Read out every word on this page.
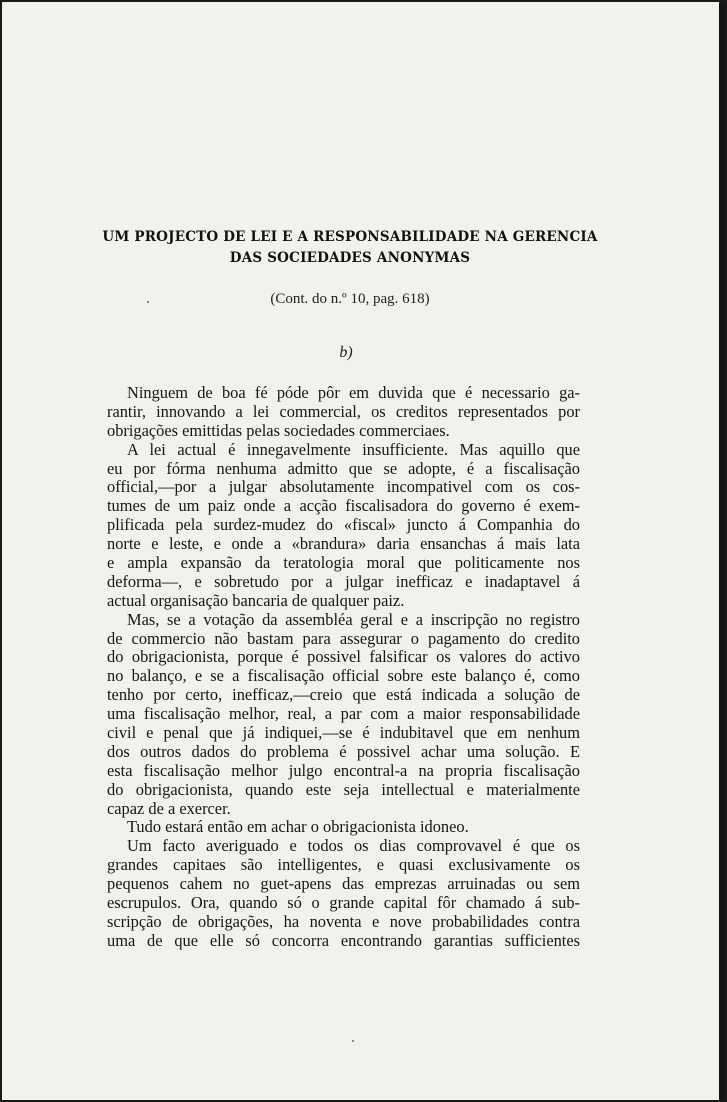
UM PROJECTO DE LEI E A RESPONSABILIDADE NA GERENCIA
DAS SOCIEDADES ANONYMAS
(Cont. do n.º 10, pag. 618)
b)
Ninguem de boa fé póde pôr em duvida que é necessario ga-
rantir, innovando a lei commercial, os creditos representados por
obrigações emittidas pelas sociedades commerciaes.
A lei actual é innegavelmente insufficiente. Mas aquillo que
eu por fórma nenhuma admitto que se adopte, é a fiscalisação
official,—por a julgar absolutamente incompativel com os cos-
tumes de um paiz onde a acção fiscalisadora do governo é exem-
plificada pela surdez-mudez do «fiscal» juncto á Companhia do
norte e leste, e onde a «brandura» daria ensanchas á mais lata
e ampla expansão da teratologia moral que politicamente nos
deforma—, e sobretudo por a julgar inefficaz e inadaptavel á
actual organisação bancaria de qualquer paiz.
Mas, se a votação da assembléa geral e a inscripção no registro
de commercio não bastam para assegurar o pagamento do credito
do obrigacionista, porque é possivel falsificar os valores do activo
no balanço, e se a fiscalisação official sobre este balanço é, como
tenho por certo, inefficaz,—creio que está indicada a solução de
uma fiscalisação melhor, real, a par com a maior responsabilidade
civil e penal que já indiquei,—se é indubitavel que em nenhum
dos outros dados do problema é possivel achar uma solução. E
esta fiscalisação melhor julgo encontral-a na propria fiscalisação
do obrigacionista, quando este seja intellectual e materialmente
capaz de a exercer.
Tudo estará então em achar o obrigacionista idoneo.
Um facto averiguado e todos os dias comprovavel é que os
grandes capitaes são intelligentes, e quasi exclusivamente os
pequenos cahem no guet-apens das emprezas arruinadas ou sem
escrupulos. Ora, quando só o grande capital fôr chamado á sub-
scripção de obrigações, ha noventa e nove probabilidades contra
uma de que elle só concorra encontrando garantias sufficientes
